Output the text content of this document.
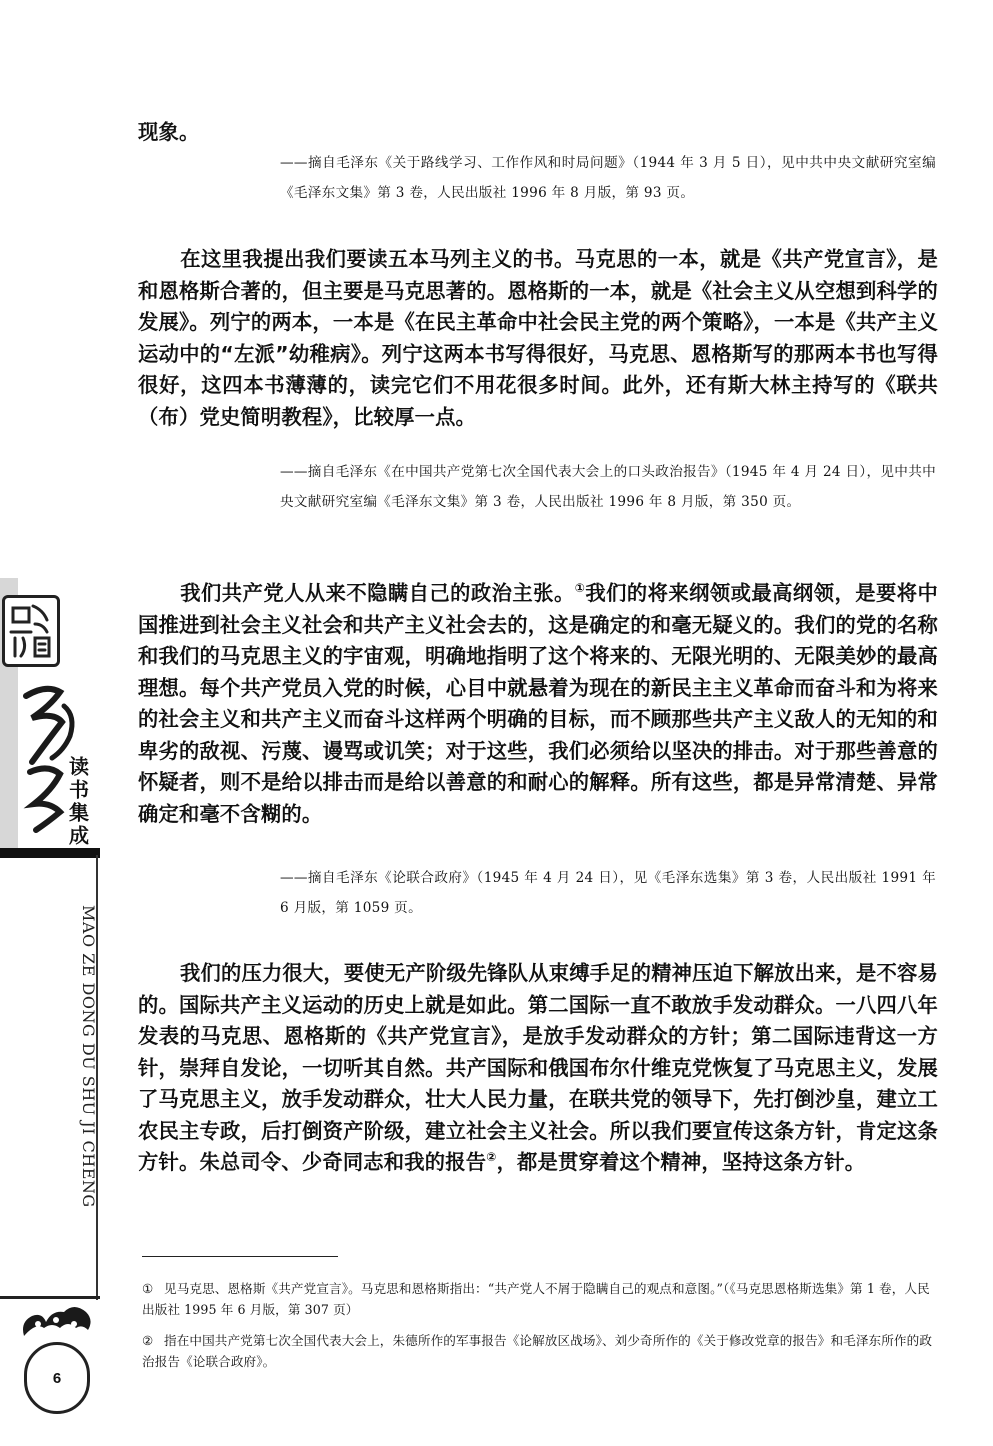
读书集成
MAO ZE DONG DU SHU JI CHENG
6

现象。

——摘自毛泽东《关于路线学习、工作作风和时局问题》（1944 年 3 月 5 日），见中共中央文献研究室编《毛泽东文集》第 3 卷，人民出版社 1996 年 8 月版，第 93 页。

在这里我提出我们要读五本马列主义的书。马克思的一本，就是《共产党宣言》，是和恩格斯合著的，但主要是马克思著的。恩格斯的一本，就是《社会主义从空想到科学的发展》。列宁的两本，一本是《在民主革命中社会民主党的两个策略》，一本是《共产主义运动中的“左派”幼稚病》。列宁这两本书写得很好，马克思、恩格斯写的那两本书也写得很好，这四本书薄薄的，读完它们不用花很多时间。此外，还有斯大林主持写的《联共（布）党史简明教程》，比较厚一点。

——摘自毛泽东《在中国共产党第七次全国代表大会上的口头政治报告》（1945 年 4 月 24 日），见中共中央文献研究室编《毛泽东文集》第 3 卷，人民出版社 1996 年 8 月版，第 350 页。

我们共产党人从来不隐瞒自己的政治主张。①我们的将来纲领或最高纲领，是要将中国推进到社会主义社会和共产主义社会去的，这是确定的和毫无疑义的。我们的党的名称和我们的马克思主义的宇宙观，明确地指明了这个将来的、无限光明的、无限美妙的最高理想。每个共产党员入党的时候，心目中就悬着为现在的新民主主义革命而奋斗和为将来的社会主义和共产主义而奋斗这样两个明确的目标，而不顾那些共产主义敌人的无知的和卑劣的敌视、污蔑、谩骂或讥笑；对于这些，我们必须给以坚决的排击。对于那些善意的怀疑者，则不是给以排击而是给以善意的和耐心的解释。所有这些，都是异常清楚、异常确定和毫不含糊的。

——摘自毛泽东《论联合政府》（1945 年 4 月 24 日），见《毛泽东选集》第 3 卷，人民出版社 1991 年 6 月版，第 1059 页。

我们的压力很大，要使无产阶级先锋队从束缚手足的精神压迫下解放出来，是不容易的。国际共产主义运动的历史上就是如此。第二国际一直不敢放手发动群众。一八四八年发表的马克思、恩格斯的《共产党宣言》，是放手发动群众的方针；第二国际违背这一方针，崇拜自发论，一切听其自然。共产国际和俄国布尔什维克党恢复了马克思主义，发展了马克思主义，放手发动群众，壮大人民力量，在联共党的领导下，先打倒沙皇，建立工农民主专政，后打倒资产阶级，建立社会主义社会。所以我们要宣传这条方针，肯定这条方针。朱总司令、少奇同志和我的报告②，都是贯穿着这个精神，坚持这条方针。

① 见马克思、恩格斯《共产党宣言》。马克思和恩格斯指出：“共产党人不屑于隐瞒自己的观点和意图。”（《马克思恩格斯选集》第 1 卷，人民出版社 1995 年 6 月版，第 307 页）

② 指在中国共产党第七次全国代表大会上，朱德所作的军事报告《论解放区战场》、刘少奇所作的《关于修改党章的报告》和毛泽东所作的政治报告《论联合政府》。
